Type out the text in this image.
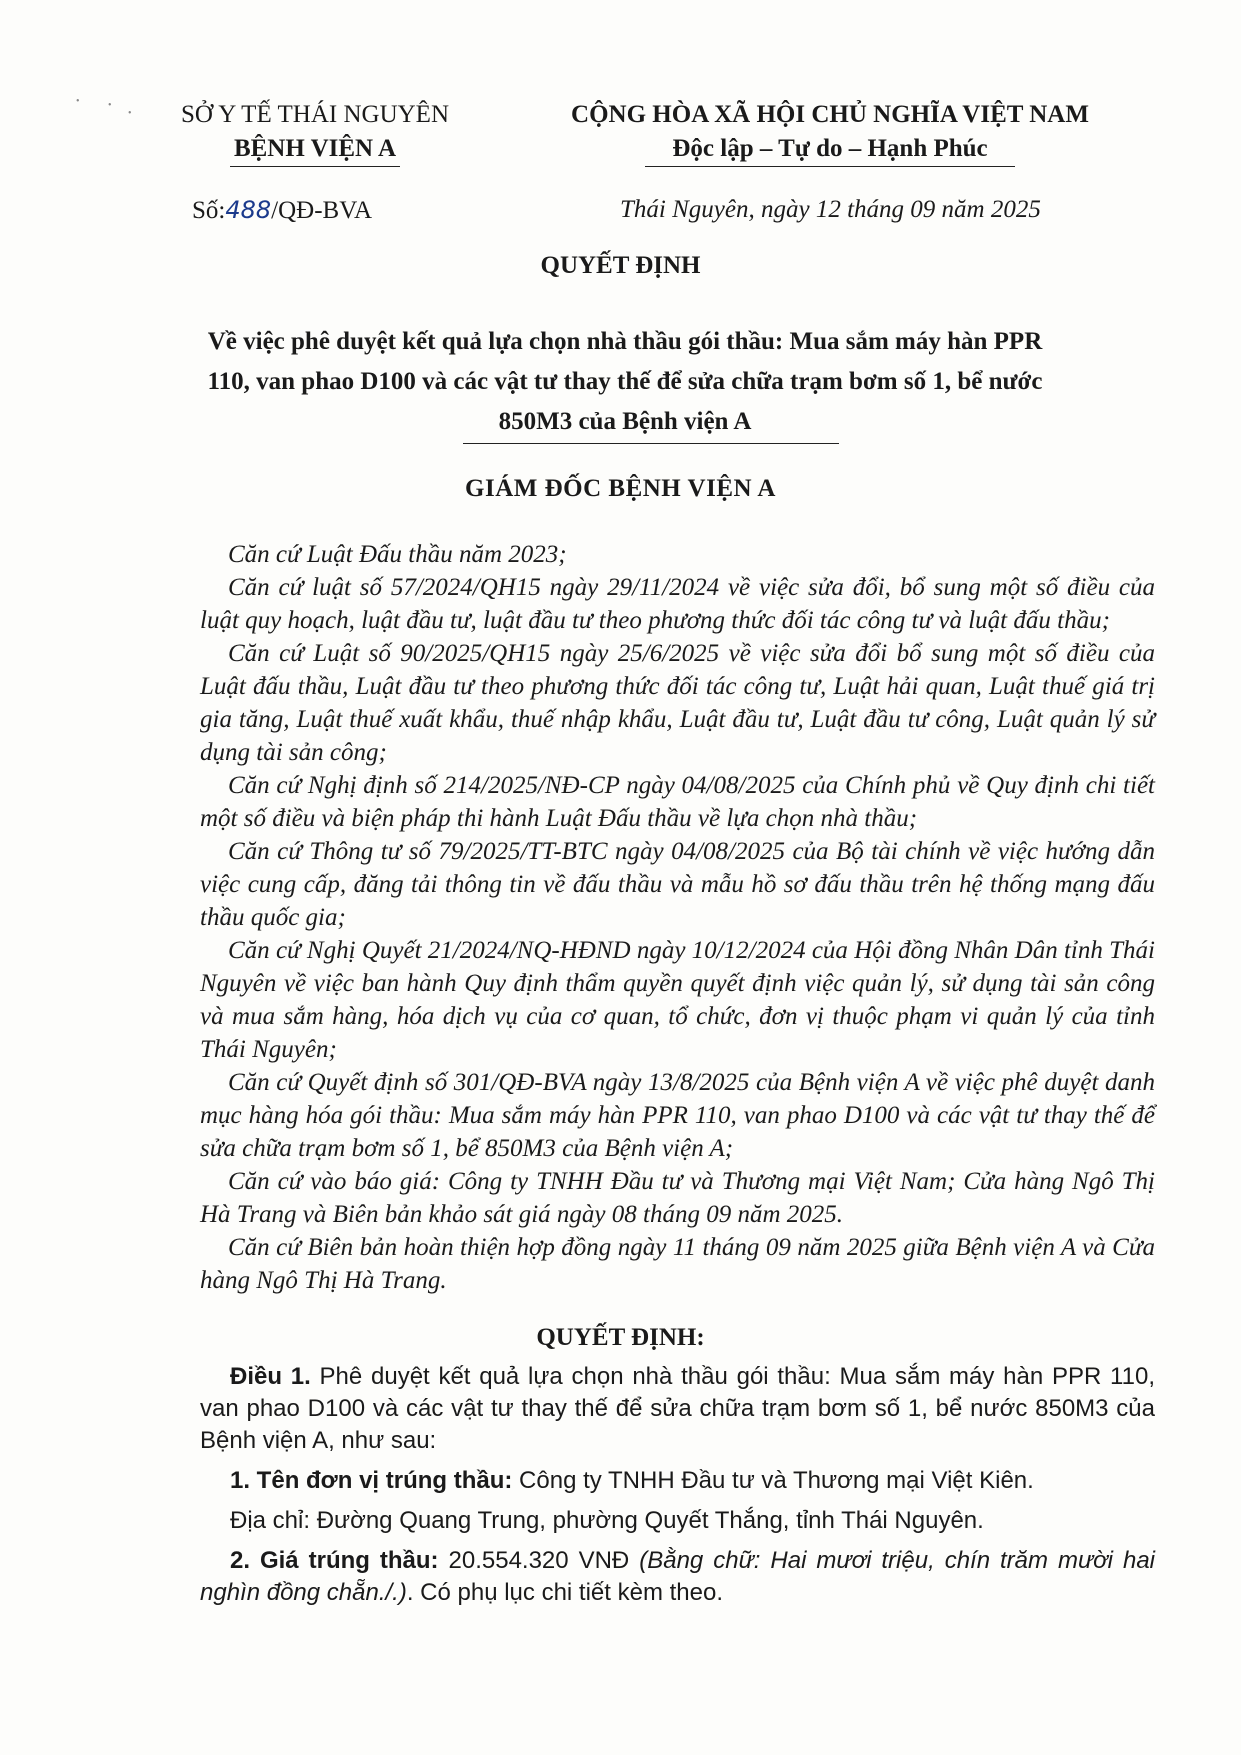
•	•
•	SỞ Y TẾ THÁI NGUYÊN
BỆNH VIỆN A
CỘNG HÒA XÃ HỘI CHỦ NGHĨA VIỆT NAM
Độc lập – Tự do – Hạnh Phúc
Số:488/QĐ-BVA	Thái Nguyên, ngày 12 tháng 09 năm 2025
QUYẾT ĐỊNH
Về việc phê duyệt kết quả lựa chọn nhà thầu gói thầu: Mua sắm máy hàn PPR
110, van phao D100 và các vật tư thay thế để sửa chữa trạm bơm số 1, bể nước
850M3 của Bệnh viện A
GIÁM ĐỐC BỆNH VIỆN A

Căn cứ Luật Đấu thầu năm 2023;

Căn cứ luật số 57/2024/QH15 ngày 29/11/2024 về việc sửa đổi, bổ sung một số điều của luật quy hoạch, luật đầu tư, luật đầu tư theo phương thức đối tác công tư và luật đấu thầu;

Căn cứ Luật số 90/2025/QH15 ngày 25/6/2025 về việc sửa đổi bổ sung một số điều của Luật đấu thầu, Luật đầu tư theo phương thức đối tác công tư, Luật hải quan, Luật thuế giá trị gia tăng, Luật thuế xuất khẩu, thuế nhập khẩu, Luật đầu tư, Luật đầu tư công, Luật quản lý sử dụng tài sản công;

Căn cứ Nghị định số 214/2025/NĐ-CP ngày 04/08/2025 của Chính phủ về Quy định chi tiết một số điều và biện pháp thi hành Luật Đấu thầu về lựa chọn nhà thầu;

Căn cứ Thông tư số 79/2025/TT-BTC ngày 04/08/2025 của Bộ tài chính về việc hướng dẫn việc cung cấp, đăng tải thông tin về đấu thầu và mẫu hồ sơ đấu thầu trên hệ thống mạng đấu thầu quốc gia;

Căn cứ Nghị Quyết 21/2024/NQ-HĐND ngày 10/12/2024 của Hội đồng Nhân Dân tỉnh Thái Nguyên về việc ban hành Quy định thẩm quyền quyết định việc quản lý, sử dụng tài sản công và mua sắm hàng, hóa dịch vụ của cơ quan, tổ chức, đơn vị thuộc phạm vi quản lý của tỉnh Thái Nguyên;

Căn cứ Quyết định số 301/QĐ-BVA ngày 13/8/2025 của Bệnh viện A về việc phê duyệt danh mục hàng hóa gói thầu: Mua sắm máy hàn PPR 110, van phao D100 và các vật tư thay thế để sửa chữa trạm bơm số 1, bể 850M3 của Bệnh viện A;

Căn cứ vào báo giá: Công ty TNHH Đầu tư và Thương mại Việt Nam; Cửa hàng Ngô Thị Hà Trang và Biên bản khảo sát giá ngày 08 tháng 09 năm 2025.

Căn cứ Biên bản hoàn thiện hợp đồng ngày 11 tháng 09 năm 2025 giữa Bệnh viện A và Cửa hàng Ngô Thị Hà Trang.

QUYẾT ĐỊNH:

Điều 1. Phê duyệt kết quả lựa chọn nhà thầu gói thầu: Mua sắm máy hàn PPR 110, van phao D100 và các vật tư thay thế để sửa chữa trạm bơm số 1, bể nước 850M3 của Bệnh viện A, như sau:

1. Tên đơn vị trúng thầu: Công ty TNHH Đầu tư và Thương mại Việt Kiên.

Địa chỉ: Đường Quang Trung, phường Quyết Thắng, tỉnh Thái Nguyên.

2. Giá trúng thầu: 20.554.320 VNĐ (Bằng chữ: Hai mươi triệu, chín trăm mười hai nghìn đồng chẵn./.). Có phụ lục chi tiết kèm theo.
